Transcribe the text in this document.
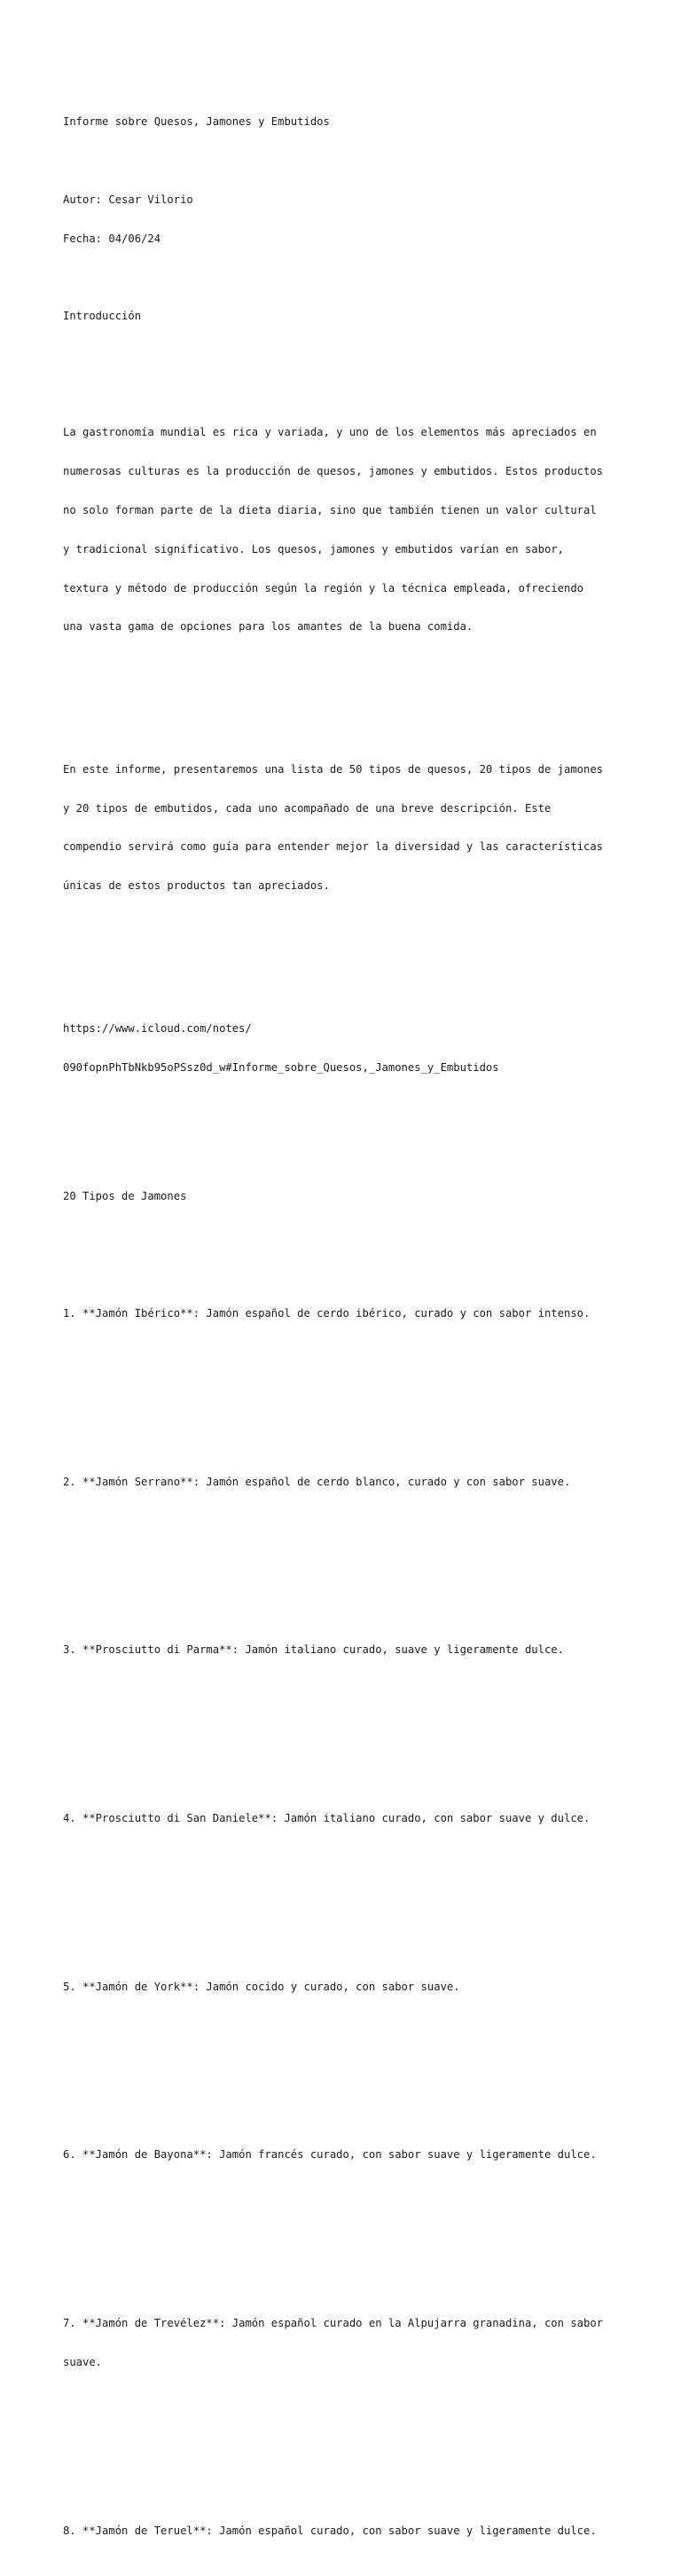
Informe sobre Quesos, Jamones y Embutidos

Autor: Cesar Vilorio

Fecha: 04/06/24

Introducción

La gastronomía mundial es rica y variada, y uno de los elementos más apreciados en

numerosas culturas es la producción de quesos, jamones y embutidos. Estos productos

no solo forman parte de la dieta diaria, sino que también tienen un valor cultural

y tradicional significativo. Los quesos, jamones y embutidos varían en sabor,

textura y método de producción según la región y la técnica empleada, ofreciendo

una vasta gama de opciones para los amantes de la buena comida.

En este informe, presentaremos una lista de 50 tipos de quesos, 20 tipos de jamones

y 20 tipos de embutidos, cada uno acompañado de una breve descripción. Este

compendio servirá como guía para entender mejor la diversidad y las características

únicas de estos productos tan apreciados.

https://www.icloud.com/notes/

090fopnPhTbNkb95oPSsz0d_w#Informe_sobre_Quesos,_Jamones_y_Embutidos

20 Tipos de Jamones

1. **Jamón Ibérico**: Jamón español de cerdo ibérico, curado y con sabor intenso.

2. **Jamón Serrano**: Jamón español de cerdo blanco, curado y con sabor suave.

3. **Prosciutto di Parma**: Jamón italiano curado, suave y ligeramente dulce.

4. **Prosciutto di San Daniele**: Jamón italiano curado, con sabor suave y dulce.

5. **Jamón de York**: Jamón cocido y curado, con sabor suave.

6. **Jamón de Bayona**: Jamón francés curado, con sabor suave y ligeramente dulce.

7. **Jamón de Trevélez**: Jamón español curado en la Alpujarra granadina, con sabor

suave.

8. **Jamón de Teruel**: Jamón español curado, con sabor suave y ligeramente dulce.
